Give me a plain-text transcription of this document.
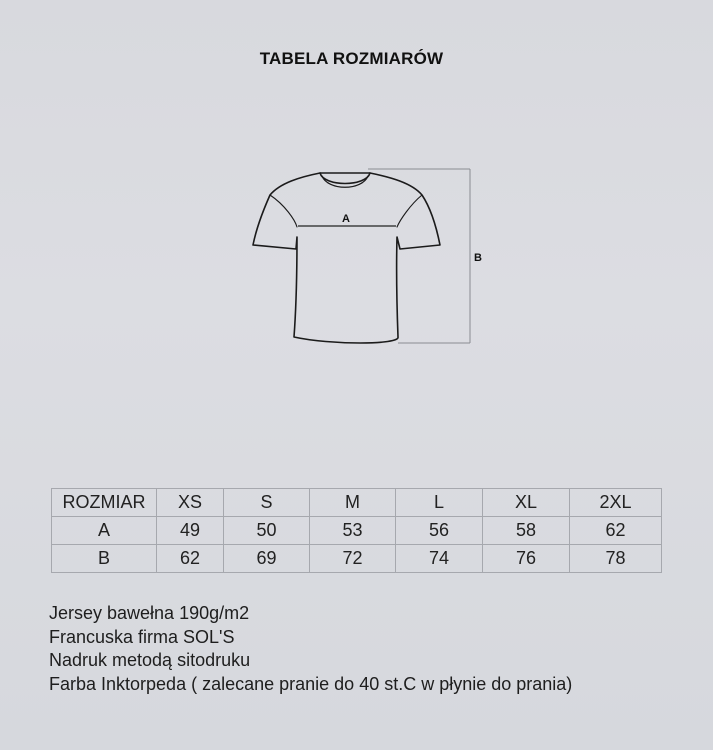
TABELA ROZMIARÓW
A
B
ROZMIAR	XS	S	M	L	XL	2XL
A	49	50	53	56	58	62
B	62	69	72	74	76	78
Jersey bawełna 190g/m2
Francuska firma SOL'S
Nadruk metodą sitodruku
Farba Inktorpeda ( zalecane pranie do 40 st.C w płynie do prania)
